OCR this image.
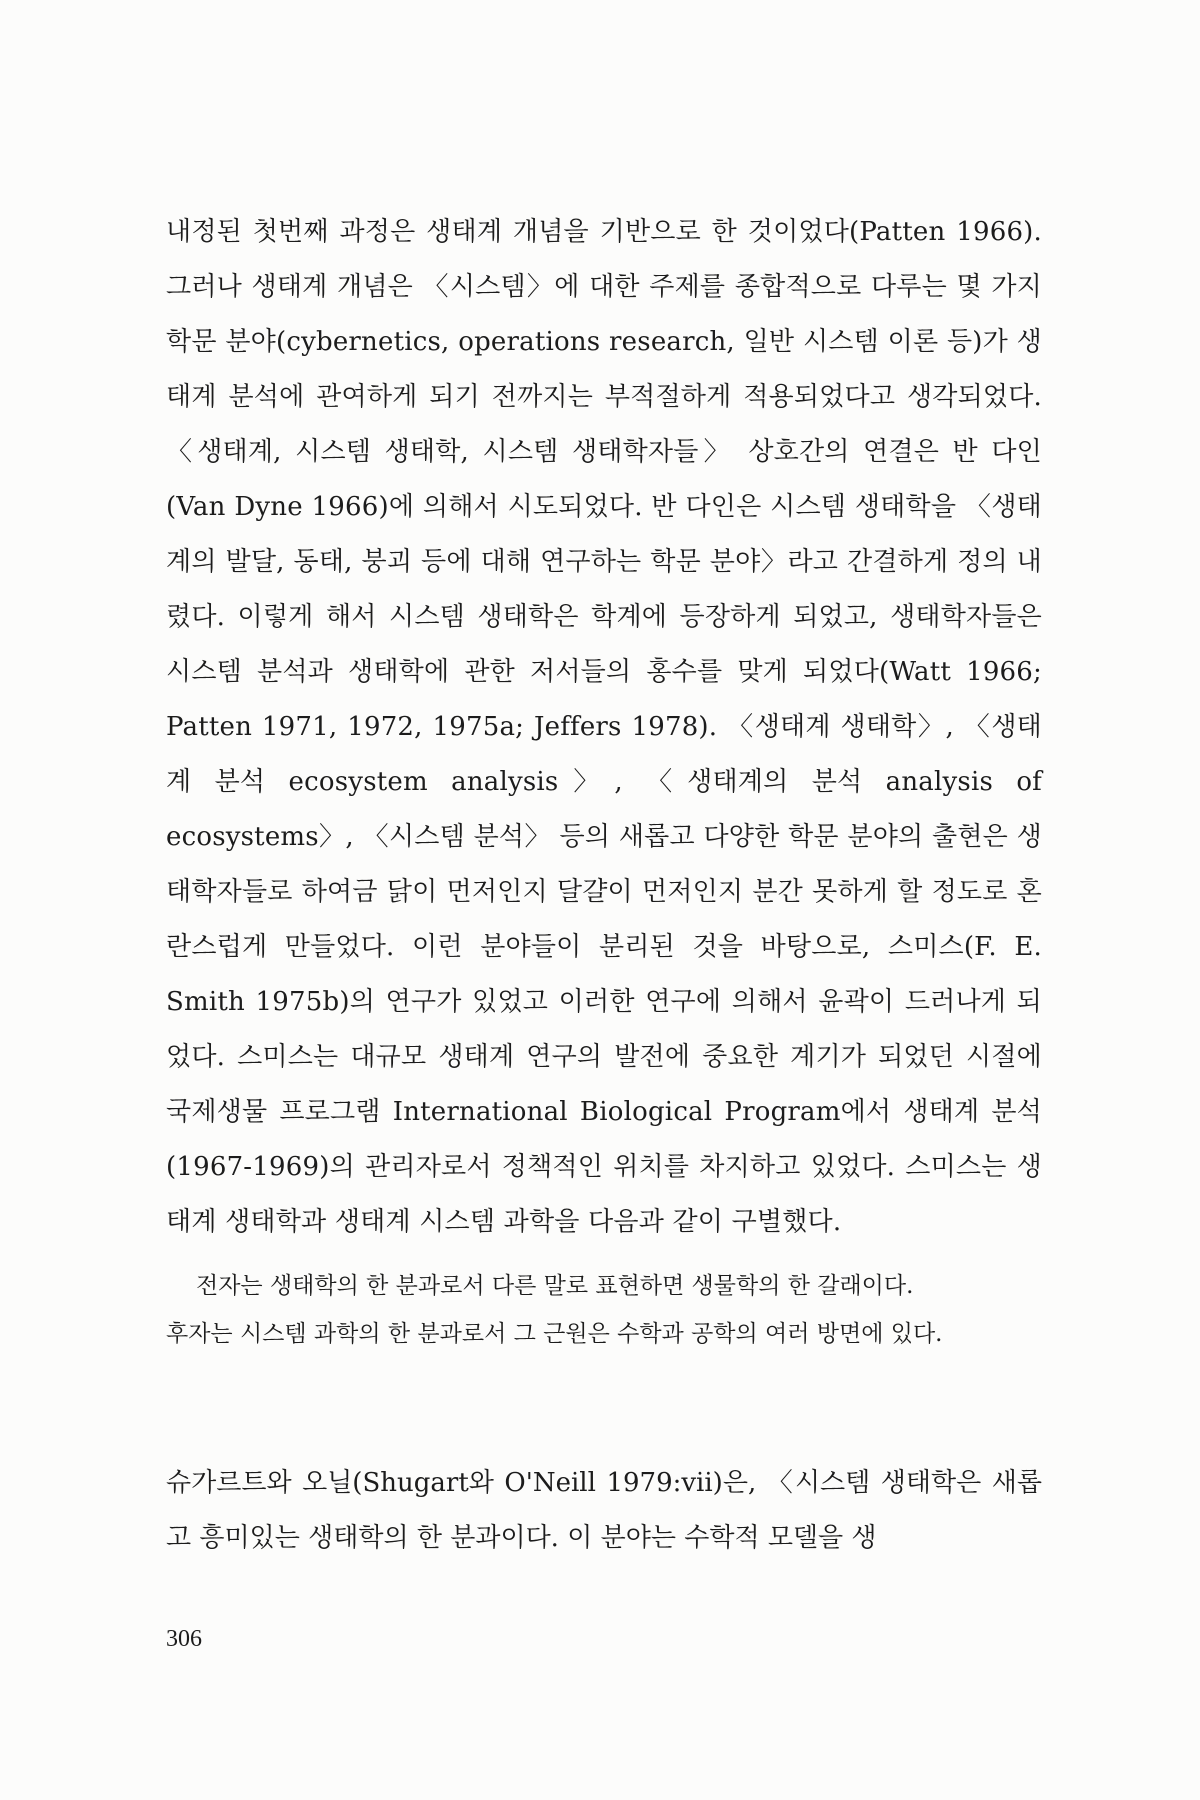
내정된 첫번째 과정은 생태계 개념을 기반으로 한 것이었다(Patten 1966). 그러나 생태계 개념은 〈시스템〉에 대한 주제를 종합적으로 다루는 몇 가지 학문 분야(cybernetics, operations research, 일반 시스템 이론 등)가 생태계 분석에 관여하게 되기 전까지는 부적절하게 적용되었다고 생각되었다. 〈생태계, 시스템 생태학, 시스템 생태학자들〉 상호간의 연결은 반 다인(Van Dyne 1966)에 의해서 시도되었다. 반 다인은 시스템 생태학을 〈생태계의 발달, 동태, 붕괴 등에 대해 연구하는 학문 분야〉라고 간결하게 정의 내렸다. 이렇게 해서 시스템 생태학은 학계에 등장하게 되었고, 생태학자들은 시스템 분석과 생태학에 관한 저서들의 홍수를 맞게 되었다(Watt 1966; Patten 1971, 1972, 1975a; Jeffers 1978). 〈생태계 생태학〉, 〈생태계 분석 ecosystem analysis〉, 〈생태계의 분석 analysis of ecosystems〉, 〈시스템 분석〉 등의 새롭고 다양한 학문 분야의 출현은 생태학자들로 하여금 닭이 먼저인지 달걀이 먼저인지 분간 못하게 할 정도로 혼란스럽게 만들었다. 이런 분야들이 분리된 것을 바탕으로, 스미스(F. E. Smith 1975b)의 연구가 있었고 이러한 연구에 의해서 윤곽이 드러나게 되었다. 스미스는 대규모 생태계 연구의 발전에 중요한 계기가 되었던 시절에 국제생물 프로그램 International Biological Program에서 생태계 분석(1967-1969)의 관리자로서 정책적인 위치를 차지하고 있었다. 스미스는 생태계 생태학과 생태계 시스템 과학을 다음과 같이 구별했다.

전자는 생태학의 한 분과로서 다른 말로 표현하면 생물학의 한 갈래이다.
후자는 시스템 과학의 한 분과로서 그 근원은 수학과 공학의 여러 방면에 있다.

슈가르트와 오닐(Shugart와 O'Neill 1979:vii)은, 〈시스템 생태학은 새롭고 흥미있는 생태학의 한 분과이다. 이 분야는 수학적 모델을 생

306
